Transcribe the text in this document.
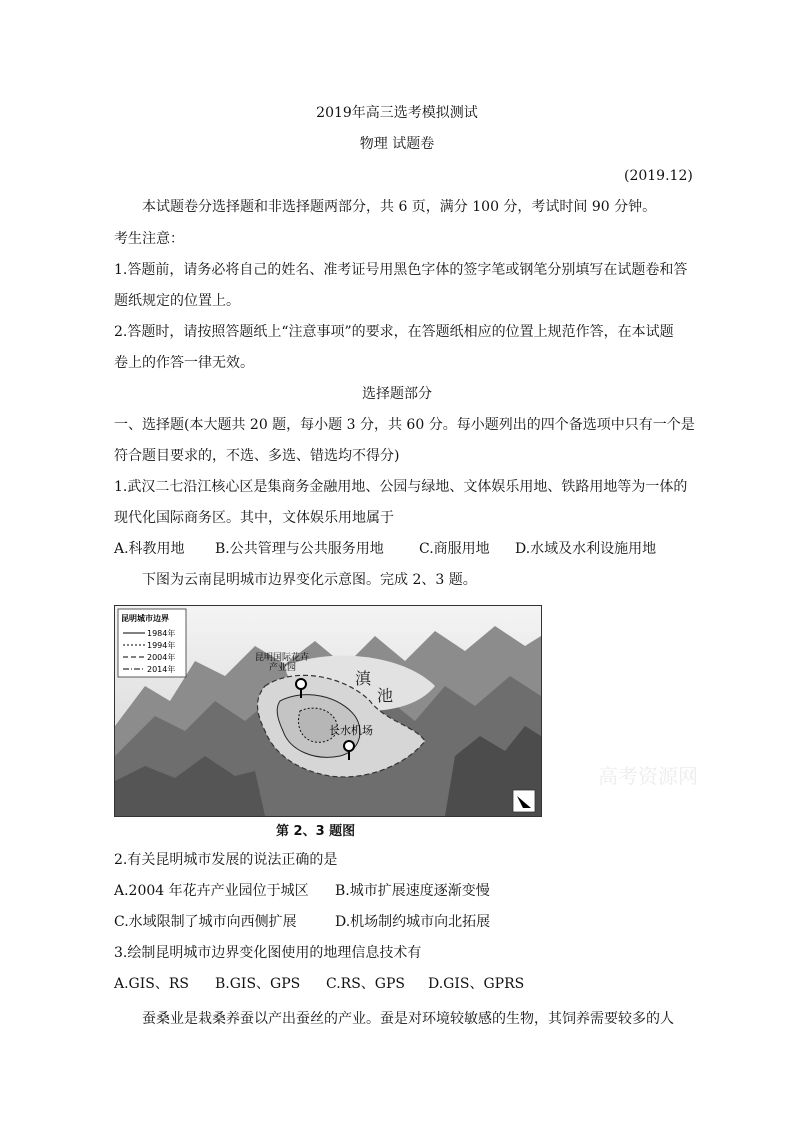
2019年高三选考模拟测试
物理 试题卷
(2019.12)
本试题卷分选择题和非选择题两部分，共 6 页，满分 100 分，考试时间 90 分钟。
考生注意：
1.答题前，请务必将自己的姓名、准考证号用黑色字体的签字笔或钢笔分别填写在试题卷和答
题纸规定的位置上。
2.答题时，请按照答题纸上“注意事项”的要求，在答题纸相应的位置上规范作答，在本试题
卷上的作答一律无效。
选择题部分
一、选择题(本大题共 20 题，每小题 3 分，共 60 分。每小题列出的四个备选项中只有一个是
符合题目要求的，不选、多选、错选均不得分)
1.武汉二七沿江核心区是集商务金融用地、公园与绿地、文体娱乐用地、铁路用地等为一体的
现代化国际商务区。其中，文体娱乐用地属于
A.科教用地 B.公共管理与公共服务用地	C.商服用地 D.水域及水利设施用地
下图为云南昆明城市边界变化示意图。完成 2、3 题。
昆明国际花卉
产业园
滇
池
长水机场
昆明城市边界
1984年
1994年
2004年
2014年
高考资源网
第 2、3 题图
2.有关昆明城市发展的说法正确的是
A.2004 年花卉产业园位于城区 B.城市扩展速度逐渐变慢
C.水域限制了城市向西侧扩展	D.机场制约城市向北拓展
3.绘制昆明城市边界变化图使用的地理信息技术有
A.GIS、RS B.GIS、GPS C.RS、GPS D.GIS、GPRS
蚕桑业是栽桑养蚕以产出蚕丝的产业。蚕是对环境较敏感的生物，其饲养需要较多的人
